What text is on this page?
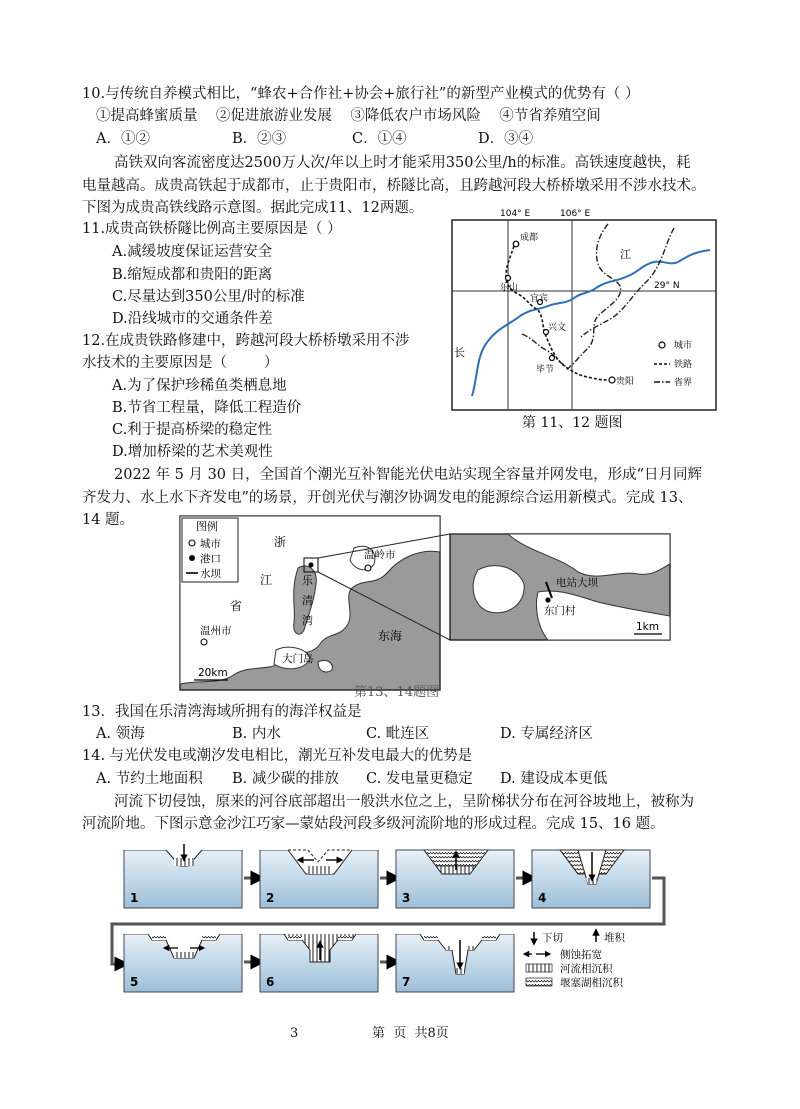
10.与传统自养模式相比，“蜂农+合作社+协会+旅行社”的新型产业模式的优势有（ ）
①提高蜂蜜质量    ②促进旅游业发展    ③降低农户市场风险    ④节省养殖空间
A．①②	B．②③	C．①④	D．③④
高铁双向客流密度达2500万人次/年以上时才能采用350公里/h的标准。高铁速度越快，耗
电量越高。成贵高铁起于成都市，止于贵阳市，桥隧比高，且跨越河段大桥桥墩采用不涉水技术。
下图为成贵高铁线路示意图。据此完成11、12两题。
11.成贵高铁桥隧比例高主要原因是（ ）
A.减缓坡度保证运营安全
B.缩短成都和贵阳的距离
C.尽量达到350公里/时的标准
D.沿线城市的交通条件差
12.在成贵铁路修建中，跨越河段大桥桥墩采用不涉
水技术的主要原因是（        ）
A.为了保护珍稀鱼类栖息地
B.节省工程量，降低工程造价
C.利于提高桥梁的稳定性
D.增加桥梁的艺术美观性
104° E	106° E
29° N
长
江
成都
乐山
宜宾
兴文
毕节
贵阳
城市
铁路
省界
第 11、12 题图
2022 年 5 月 30 日，全国首个潮光互补智能光伏电站实现全容量并网发电，形成“日月同辉
齐发力、水上水下齐发电”的场景，开创光伏与潮汐协调发电的能源综合运用新模式。完成 13、
14 题。	图例
城市
港口
水坝
浙
江
省
乐
清
湾
温岭市
温州市	东海
大门岛
20km
电站大坝
东门村
1km
第13、14题图
13．我国在乐清湾海域所拥有的海洋权益是
A. 领海	B. 内水	C. 毗连区	D. 专属经济区
14. 与光伏发电或潮汐发电相比，潮光互补发电最大的优势是
A. 节约土地面积 B. 减少碳的排放 C. 发电量更稳定 D. 建设成本更低
河流下切侵蚀，原来的河谷底部超出一般洪水位之上，呈阶梯状分布在河谷坡地上，被称为
河流阶地。下图示意金沙江巧家—蒙姑段河段多级河流阶地的形成过程。完成 15、16 题。
1	2	3	4
5	6	7
下切	堆积
侧蚀拓宽
河流相沉积
堰塞湖相沉积
3	第  页  共8页
